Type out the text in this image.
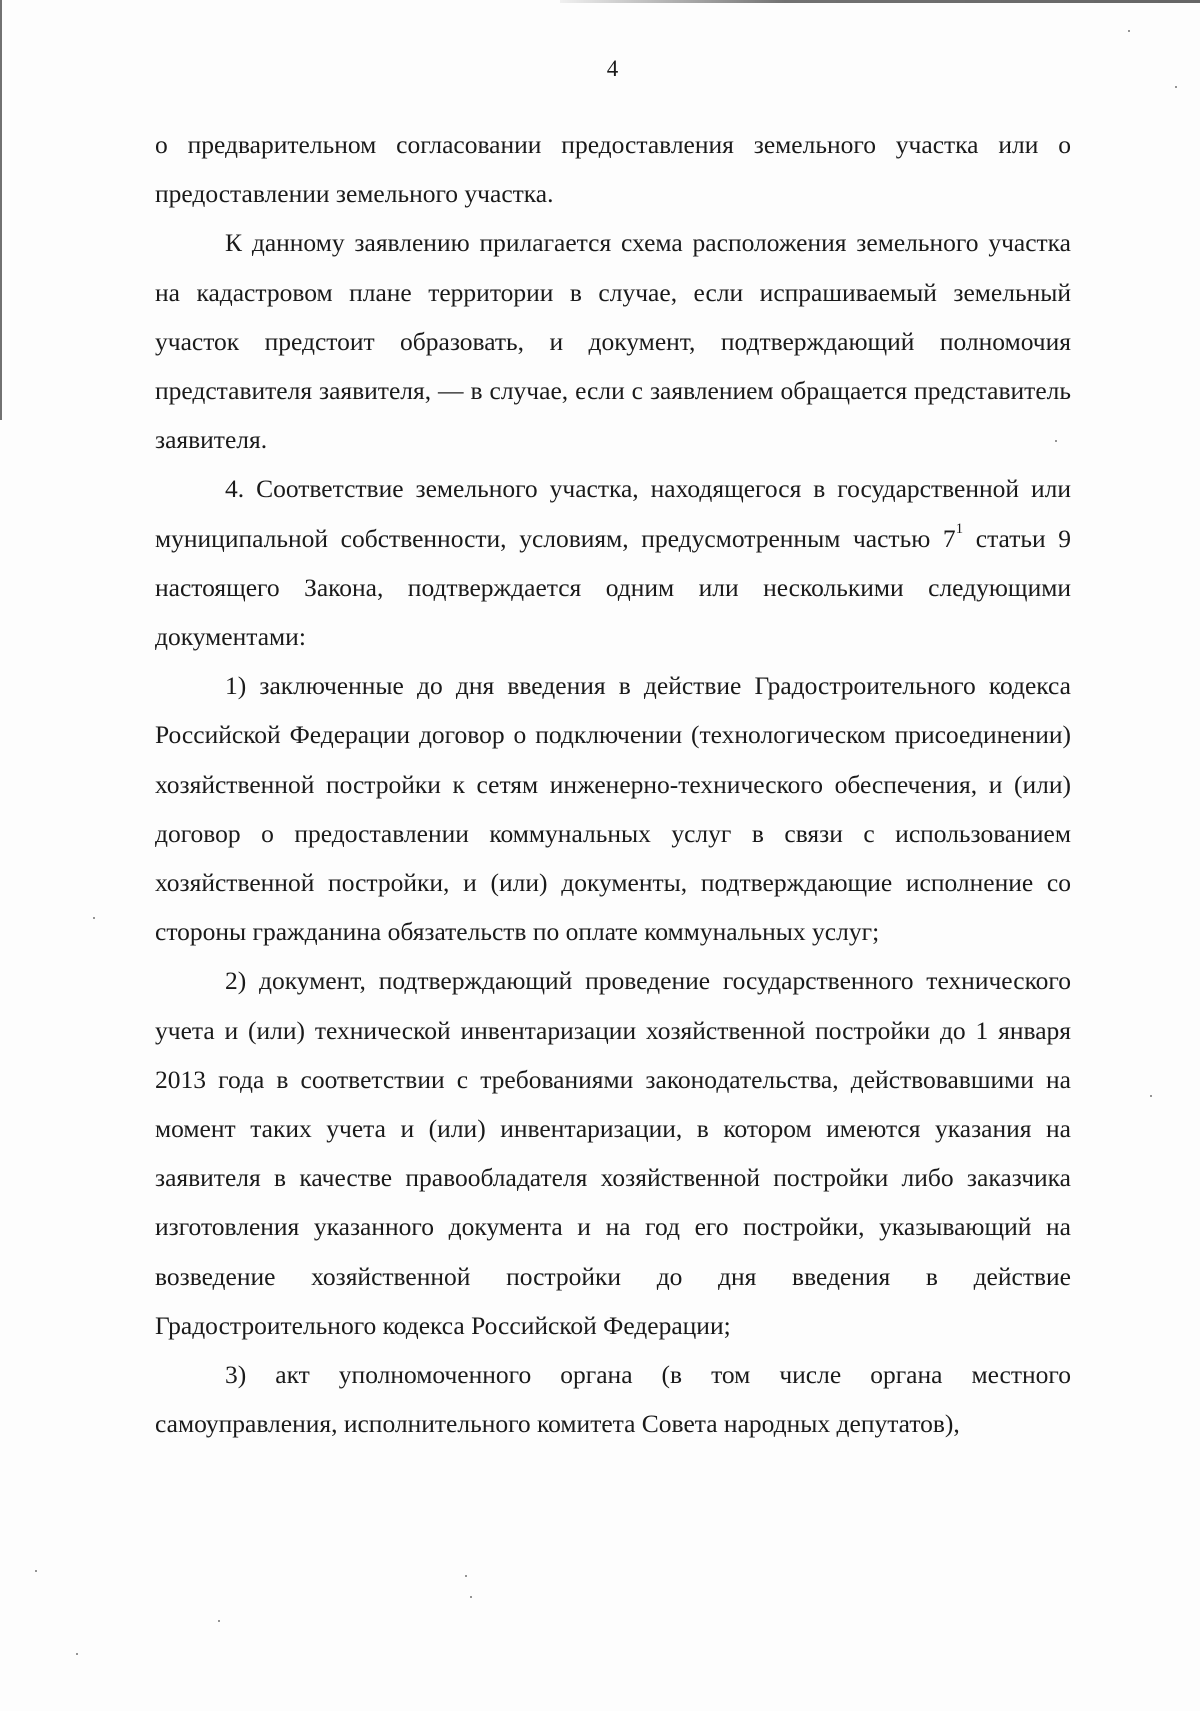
4

о предварительном согласовании предоставления земельного участка или о предоставлении земельного участка.

К данному заявлению прилагается схема расположения земельного участка на кадастровом плане территории в случае, если испрашиваемый земельный участок предстоит образовать, и документ, подтверждающий полномочия представителя заявителя, — в случае, если с заявлением обращается представитель заявителя.

4. Соответствие земельного участка, находящегося в государственной или муниципальной собственности, условиям, предусмотренным частью $7^1$ статьи 9 настоящего Закона, подтверждается одним или несколькими следующими документами:

1) заключенные до дня введения в действие Градостроительного кодекса Российской Федерации договор о подключении (технологическом присоединении) хозяйственной постройки к сетям инженерно-технического обеспечения, и (или) договор о предоставлении коммунальных услуг в связи с использованием хозяйственной постройки, и (или) документы, подтверждающие исполнение со стороны гражданина обязательств по оплате коммунальных услуг;

2) документ, подтверждающий проведение государственного технического учета и (или) технической инвентаризации хозяйственной постройки до 1 января 2013 года в соответствии с требованиями законодательства, действовавшими на момент таких учета и (или) инвентаризации, в котором имеются указания на заявителя в качестве правообладателя хозяйственной постройки либо заказчика изготовления указанного документа и на год его постройки, указывающий на возведение хозяйственной постройки до дня введения в действие Градостроительного кодекса Российской Федерации;

3) акт уполномоченного органа (в том числе органа местного самоуправления, исполнительного комитета Совета народных депутатов),
